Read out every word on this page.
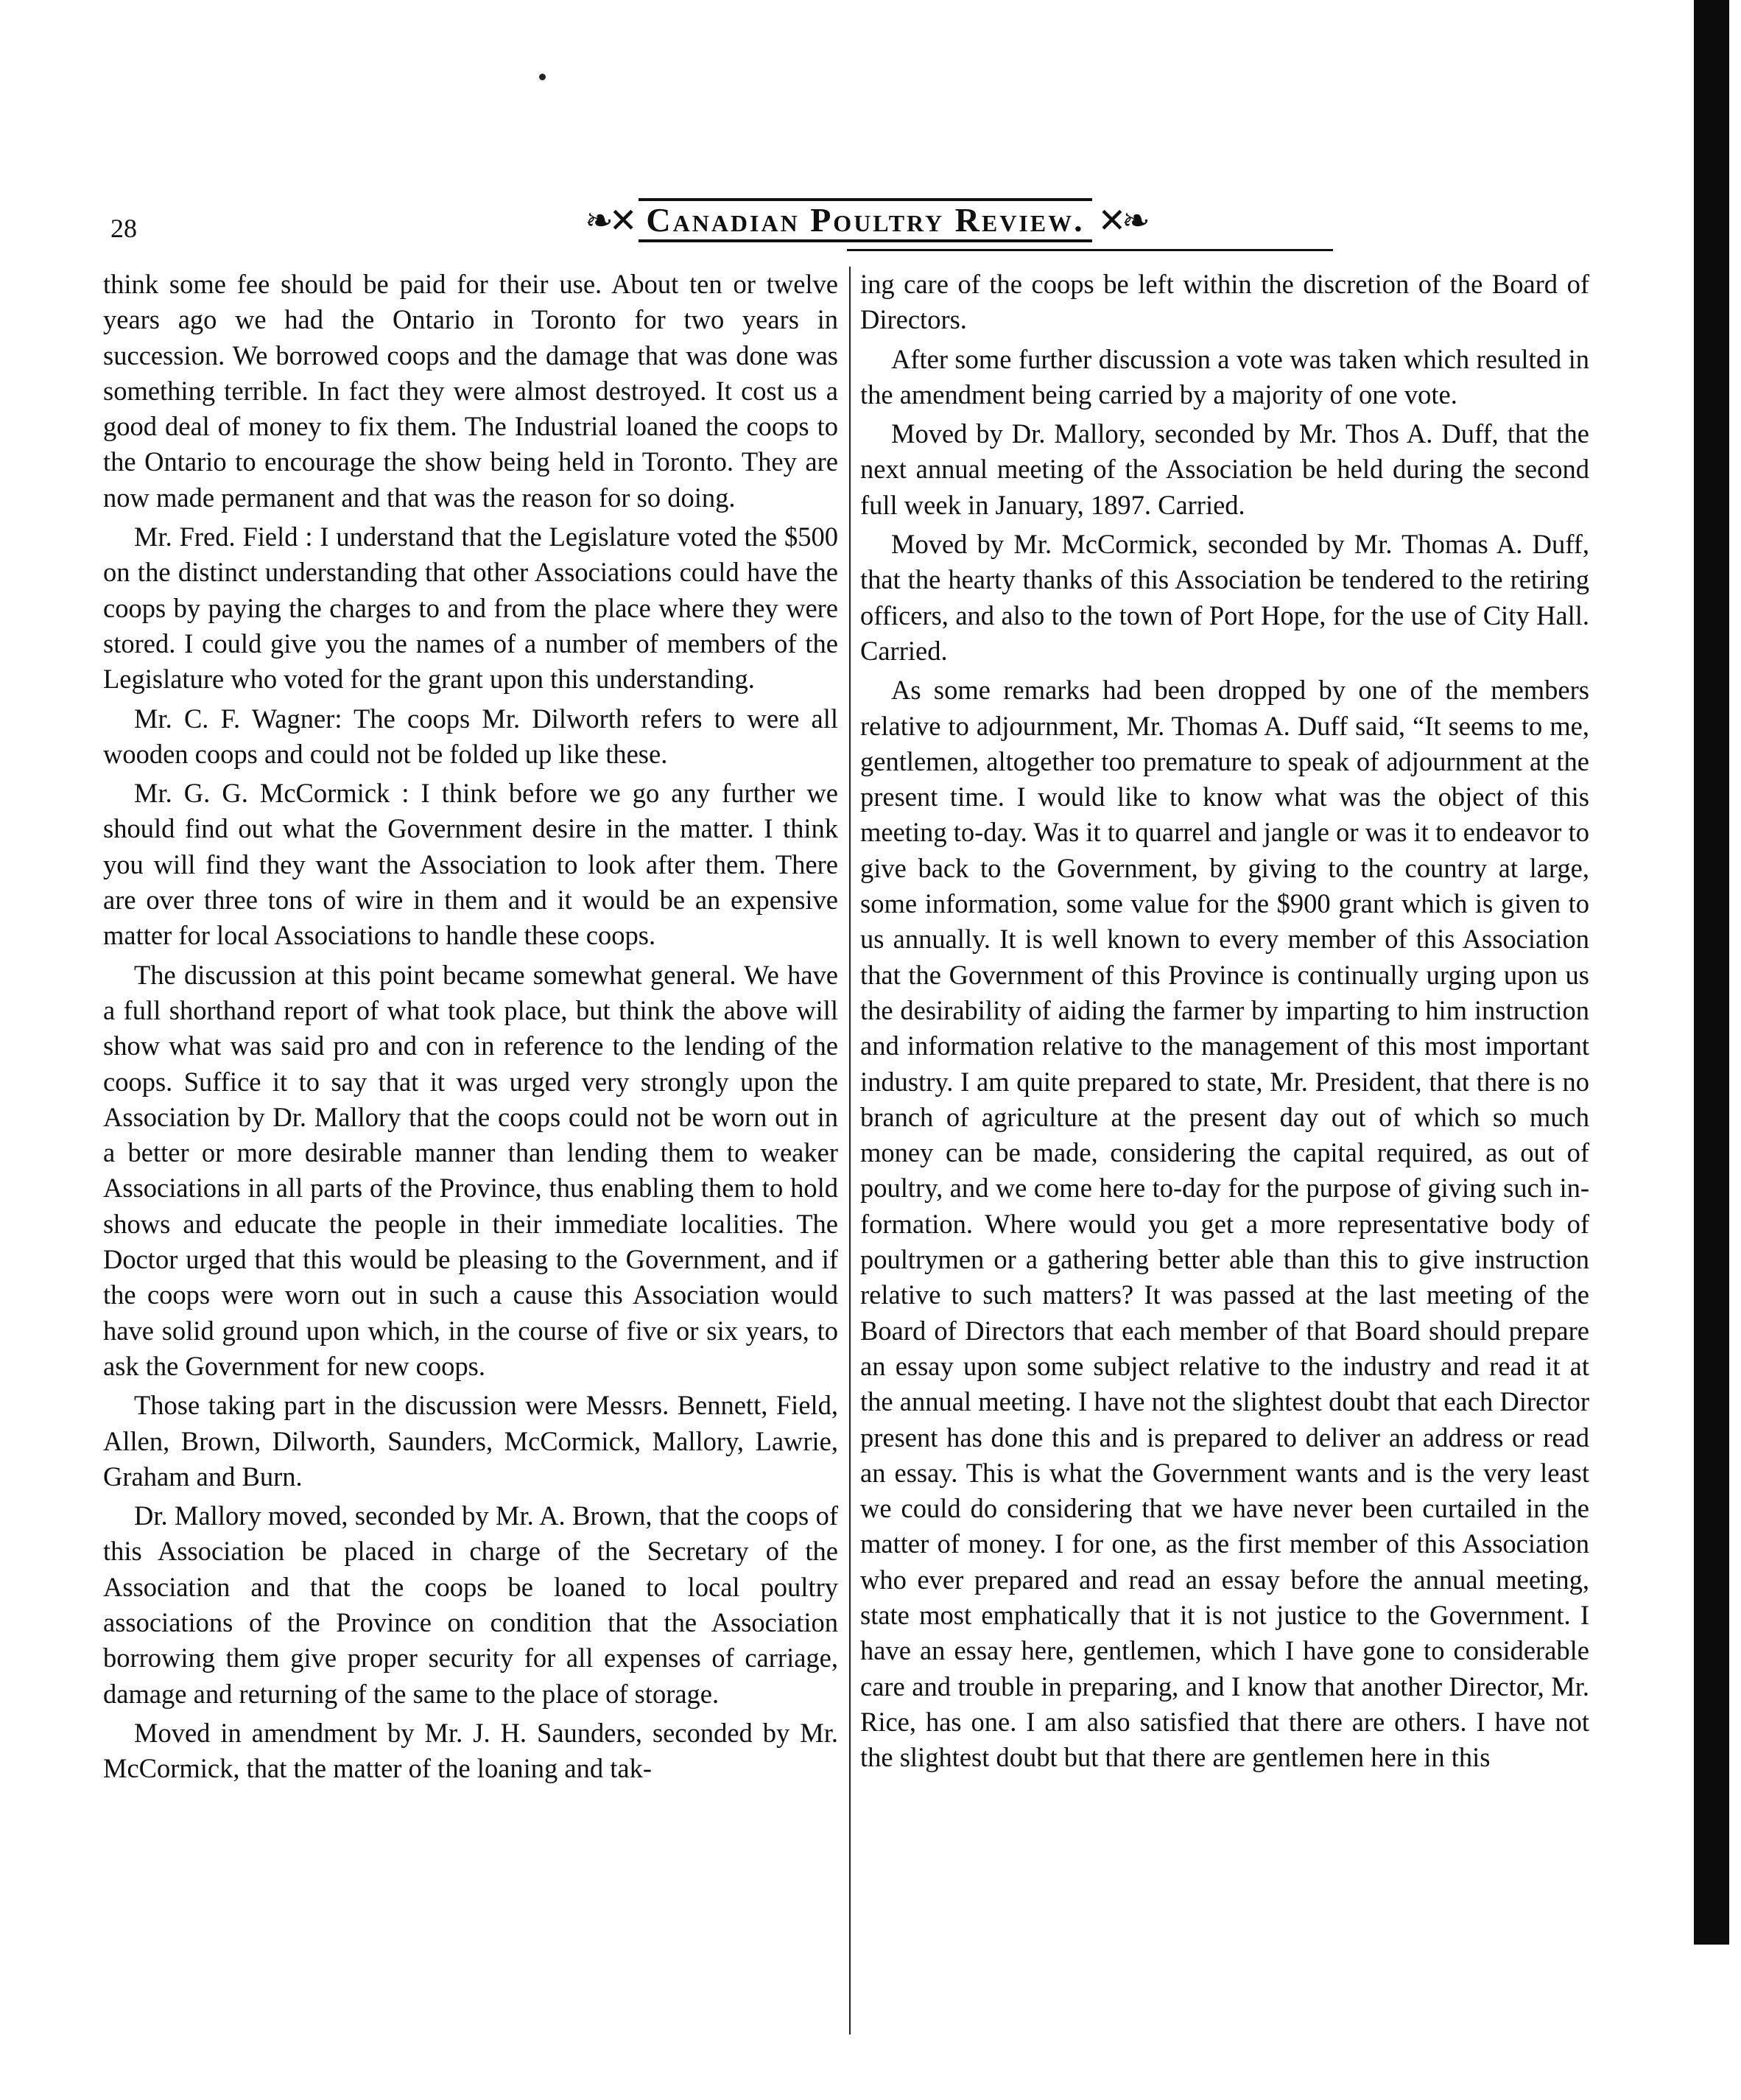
28	❧✕ Canadian Poultry Review. ✕❧

think some fee should be paid for their use. About ten or twelve years ago we had the Ontario in Toronto for two years in succession. We borrowed coops and the damage that was done was something terrible. In fact they were almost destroyed. It cost us a good deal of money to fix them. The Industrial loaned the coops to the Ontario to encourage the show being held in Toronto. They are now made permanent and that was the reason for so doing.

Mr. Fred. Field : I understand that the Legislature voted the $500 on the distinct understanding that other Associations could have the coops by paying the charges to and from the place where they were stored. I could give you the names of a number of members of the Legislature who voted for the grant upon this understanding.

Mr. C. F. Wagner: The coops Mr. Dilworth refers to were all wooden coops and could not be folded up like these.

Mr. G. G. McCormick : I think before we go any further we should find out what the Government desire in the matter. I think you will find they want the Association to look after them. There are over three tons of wire in them and it would be an expensive matter for local Associations to handle these coops.

The discussion at this point became somewhat general. We have a full shorthand report of what took place, but think the above will show what was said pro and con in reference to the lending of the coops. Suffice it to say that it was urged very strongly upon the Association by Dr. Mallory that the coops could not be worn out in a better or more desirable manner than lending them to weaker Associations in all parts of the Province, thus enabling them to hold shows and educate the people in their immediate localities. The Doctor urged that this would be pleasing to the Government, and if the coops were worn out in such a cause this Association would have solid ground upon which, in the course of five or six years, to ask the Government for new coops.

Those taking part in the discussion were Messrs. Bennett, Field, Allen, Brown, Dilworth, Saunders, McCormick, Mallory, Lawrie, Graham and Burn.

Dr. Mallory moved, seconded by Mr. A. Brown, that the coops of this Association be placed in charge of the Secretary of the Association and that the coops be loaned to local poultry associations of the Province on condition that the Association borrowing them give proper security for all expenses of carriage, damage and returning of the same to the place of storage.

Moved in amendment by Mr. J. H. Saunders, seconded by Mr. McCormick, that the matter of the loaning and tak-

ing care of the coops be left within the discretion of the Board of Directors.

After some further discussion a vote was taken which resulted in the amendment being carried by a majority of one vote.

Moved by Dr. Mallory, seconded by Mr. Thos A. Duff, that the next annual meeting of the Association be held during the second full week in January, 1897. Carried.

Moved by Mr. McCormick, seconded by Mr. Thomas A. Duff, that the hearty thanks of this Association be tendered to the retiring officers, and also to the town of Port Hope, for the use of City Hall. Carried.

As some remarks had been dropped by one of the members relative to adjournment, Mr. Thomas A. Duff said, “It seems to me, gentlemen, altogether too premature to speak of adjournment at the present time. I would like to know what was the object of this meeting to-day. Was it to quarrel and jangle or was it to endeavor to give back to the Government, by giving to the country at large, some information, some value for the $900 grant which is given to us annually. It is well known to every member of this Association that the Government of this Province is continually urging upon us the desirability of aiding the farmer by imparting to him instruction and information relative to the management of this most important industry. I am quite prepared to state, Mr. President, that there is no branch of agriculture at the present day out of which so much money can be made, considering the capital required, as out of poultry, and we come here to-day for the purpose of giving such information. Where would you get a more representative body of poultrymen or a gathering better able than this to give instruction relative to such matters? It was passed at the last meeting of the Board of Directors that each member of that Board should prepare an essay upon some subject relative to the industry and read it at the annual meeting. I have not the slightest doubt that each Director present has done this and is prepared to deliver an address or read an essay. This is what the Government wants and is the very least we could do considering that we have never been curtailed in the matter of money. I for one, as the first member of this Association who ever prepared and read an essay before the annual meeting, state most emphatically that it is not justice to the Government. I have an essay here, gentlemen, which I have gone to considerable care and trouble in preparing, and I know that another Director, Mr. Rice, has one. I am also satisfied that there are others. I have not the slightest doubt but that there are gentlemen here in this
